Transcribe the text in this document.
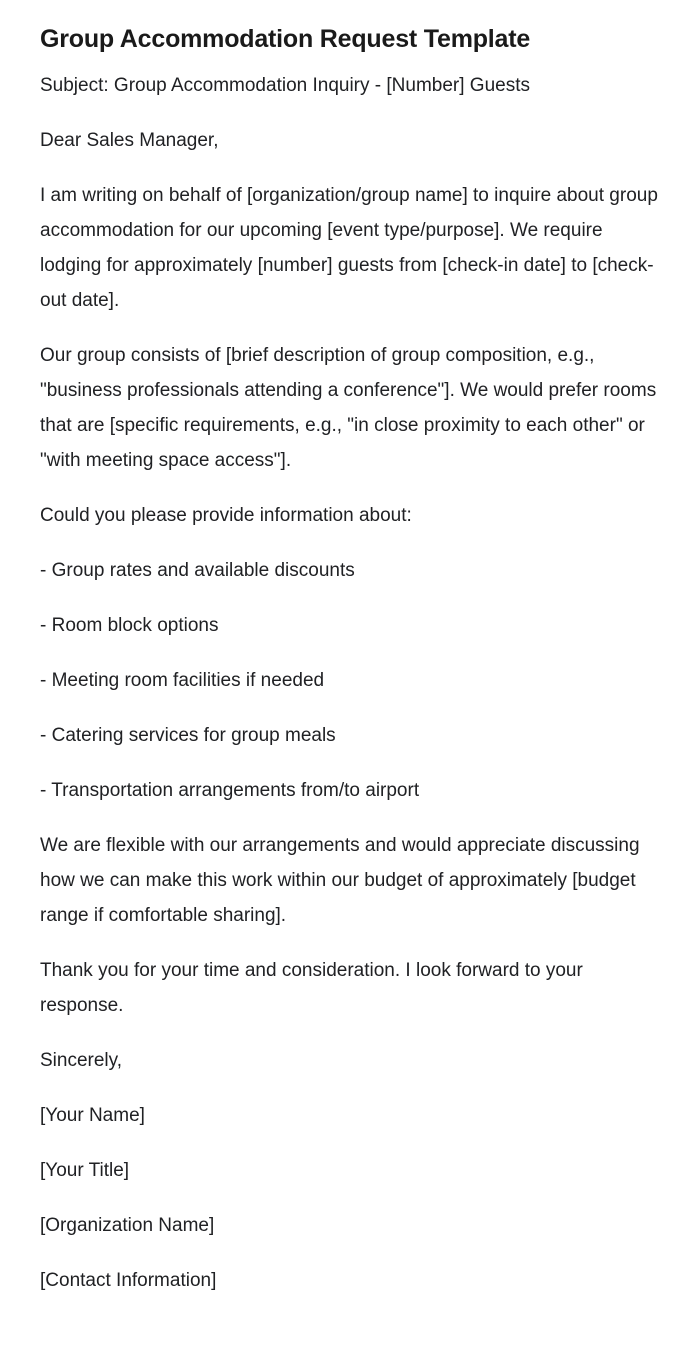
Group Accommodation Request Template

Subject: Group Accommodation Inquiry - [Number] Guests

Dear Sales Manager,

I am writing on behalf of [organization/group name] to inquire about group accommodation for our upcoming [event type/purpose]. We require lodging for approximately [number] guests from [check-in date] to [check-out date].

Our group consists of [brief description of group composition, e.g., "business professionals attending a conference"]. We would prefer rooms that are [specific requirements, e.g., "in close proximity to each other" or "with meeting space access"].

Could you please provide information about:

- Group rates and available discounts

- Room block options

- Meeting room facilities if needed

- Catering services for group meals

- Transportation arrangements from/to airport

We are flexible with our arrangements and would appreciate discussing how we can make this work within our budget of approximately [budget range if comfortable sharing].

Thank you for your time and consideration. I look forward to your response.

Sincerely,

[Your Name]

[Your Title]

[Organization Name]

[Contact Information]
